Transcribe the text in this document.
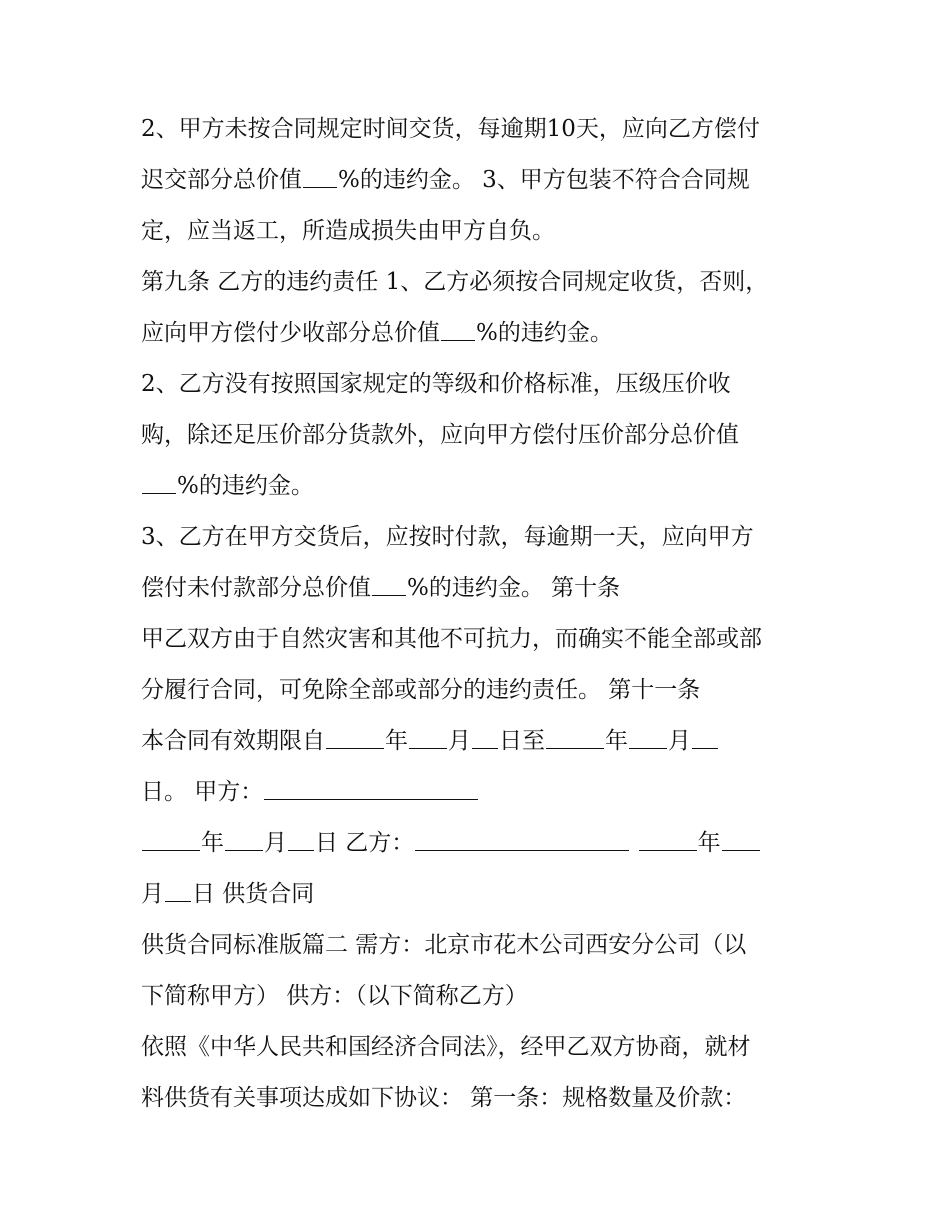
2、甲方未按合同规定时间交货，每逾期10天，应向乙方偿付
迟交部分总价值 %的违约金。 3、甲方包装不符合合同规
定，应当返工，所造成损失由甲方自负。
第九条 乙方的违约责任 1、乙方必须按合同规定收货，否则，
应向甲方偿付少收部分总价值 %的违约金。
2、乙方没有按照国家规定的等级和价格标准，压级压价收
购，除还足压价部分货款外，应向甲方偿付压价部分总价值
%的违约金。
3、乙方在甲方交货后，应按时付款，每逾期一天，应向甲方
偿付未付款部分总价值 %的违约金。 第十条
甲乙双方由于自然灾害和其他不可抗力，而确实不能全部或部
分履行合同，可免除全部或部分的违约责任。 第十一条
本合同有效期限自	年 月 日至	年 月
日。 甲方：
年 月 日 乙方：	年
月 日 供货合同
供货合同标准版篇二 需方：北京市花木公司西安分公司（以
下简称甲方） 供方：（以下简称乙方）
依照《中华人民共和国经济合同法》，经甲乙双方协商，就材
料供货有关事项达成如下协议： 第一条：规格数量及价款：
